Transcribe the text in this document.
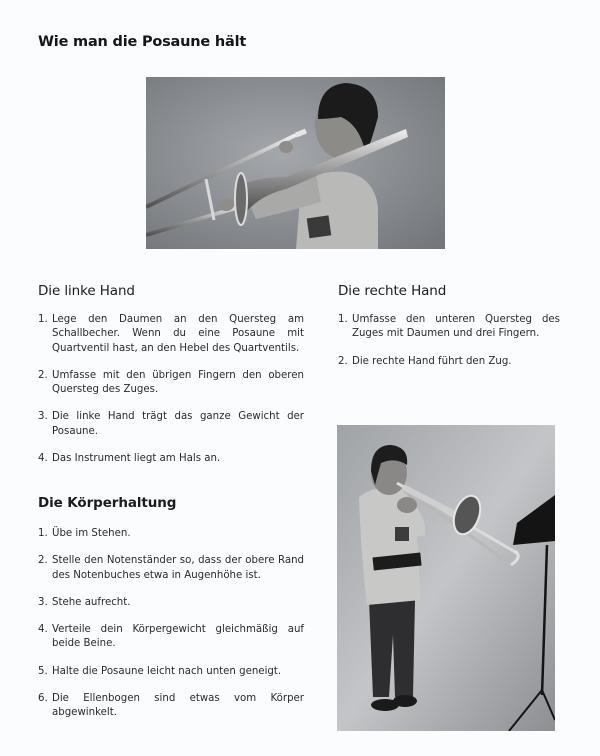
Wie man die Posaune hält
Die linke Hand
1. Lege den Daumen an den Quersteg am Schallbecher. Wenn du eine Posaune mit Quartventil hast, an den Hebel des Quartventils.
2. Umfasse mit den übrigen Fingern den oberen Quersteg des Zuges.
3. Die linke Hand trägt das ganze Gewicht der Posaune.
4. Das Instrument liegt am Hals an.
Die rechte Hand
1. Umfasse den unteren Quersteg des Zuges mit Daumen und drei Fingern.
2. Die rechte Hand führt den Zug.
Die Körperhaltung
1. Übe im Stehen.
2. Stelle den Notenständer so, dass der obere Rand des Notenbuches etwa in Augenhöhe ist.
3. Stehe aufrecht.
4. Verteile dein Körpergewicht gleichmäßig auf beide Beine.
5. Halte die Posaune leicht nach unten geneigt.
6. Die Ellenbogen sind etwas vom Körper abgewinkelt.
